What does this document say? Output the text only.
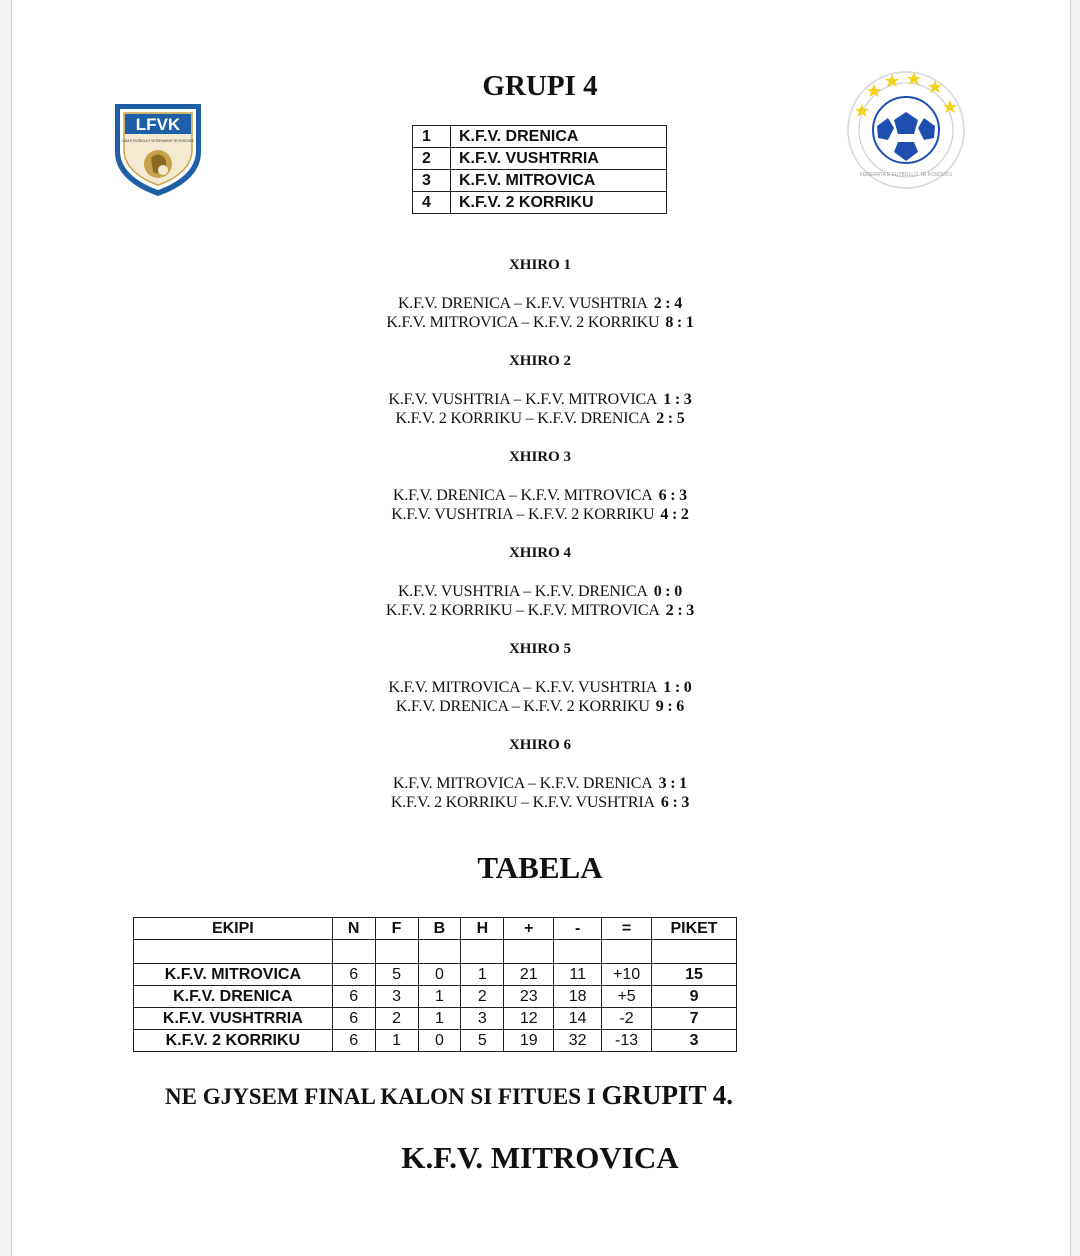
LFVK
LIGA E FUTBOLLIT VETERANEVE TË KOSOVËS
FEDERATA E FUTBOLLIT TË KOSOVËS
GRUPI 4
1	K.F.V. DRENICA
2	K.F.V. VUSHTRRIA
3	K.F.V. MITROVICA
4	K.F.V. 2 KORRIKU

XHIRO 1

K.F.V. DRENICA – K.F.V. VUSHTRIA 2 : 4

K.F.V. MITROVICA – K.F.V. 2 KORRIKU 8 : 1

XHIRO 2

K.F.V. VUSHTRIA – K.F.V. MITROVICA 1 : 3

K.F.V. 2 KORRIKU – K.F.V. DRENICA 2 : 5

XHIRO 3

K.F.V. DRENICA – K.F.V. MITROVICA 6 : 3

K.F.V. VUSHTRIA – K.F.V. 2 KORRIKU 4 : 2

XHIRO 4

K.F.V. VUSHTRIA – K.F.V. DRENICA 0 : 0

K.F.V. 2 KORRIKU – K.F.V. MITROVICA 2 : 3

XHIRO 5

K.F.V. MITROVICA – K.F.V. VUSHTRIA 1 : 0

K.F.V. DRENICA – K.F.V. 2 KORRIKU 9 : 6

XHIRO 6

K.F.V. MITROVICA – K.F.V. DRENICA 3 : 1

K.F.V. 2 KORRIKU – K.F.V. VUSHTRIA 6 : 3

TABELA
EKIPI	N	F	B	H	+	-	=	PIKET

K.F.V. MITROVICA	6	5	0	1	21	11	+10	15
K.F.V. DRENICA	6	3	1	2	23	18	+5	9
K.F.V. VUSHTRRIA	6	2	1	3	12	14	-2	7
K.F.V. 2 KORRIKU	6	1	0	5	19	32	-13	3

NE GJYSEM FINAL KALON SI FITUES I GRUPIT 4.

K.F.V. MITROVICA
